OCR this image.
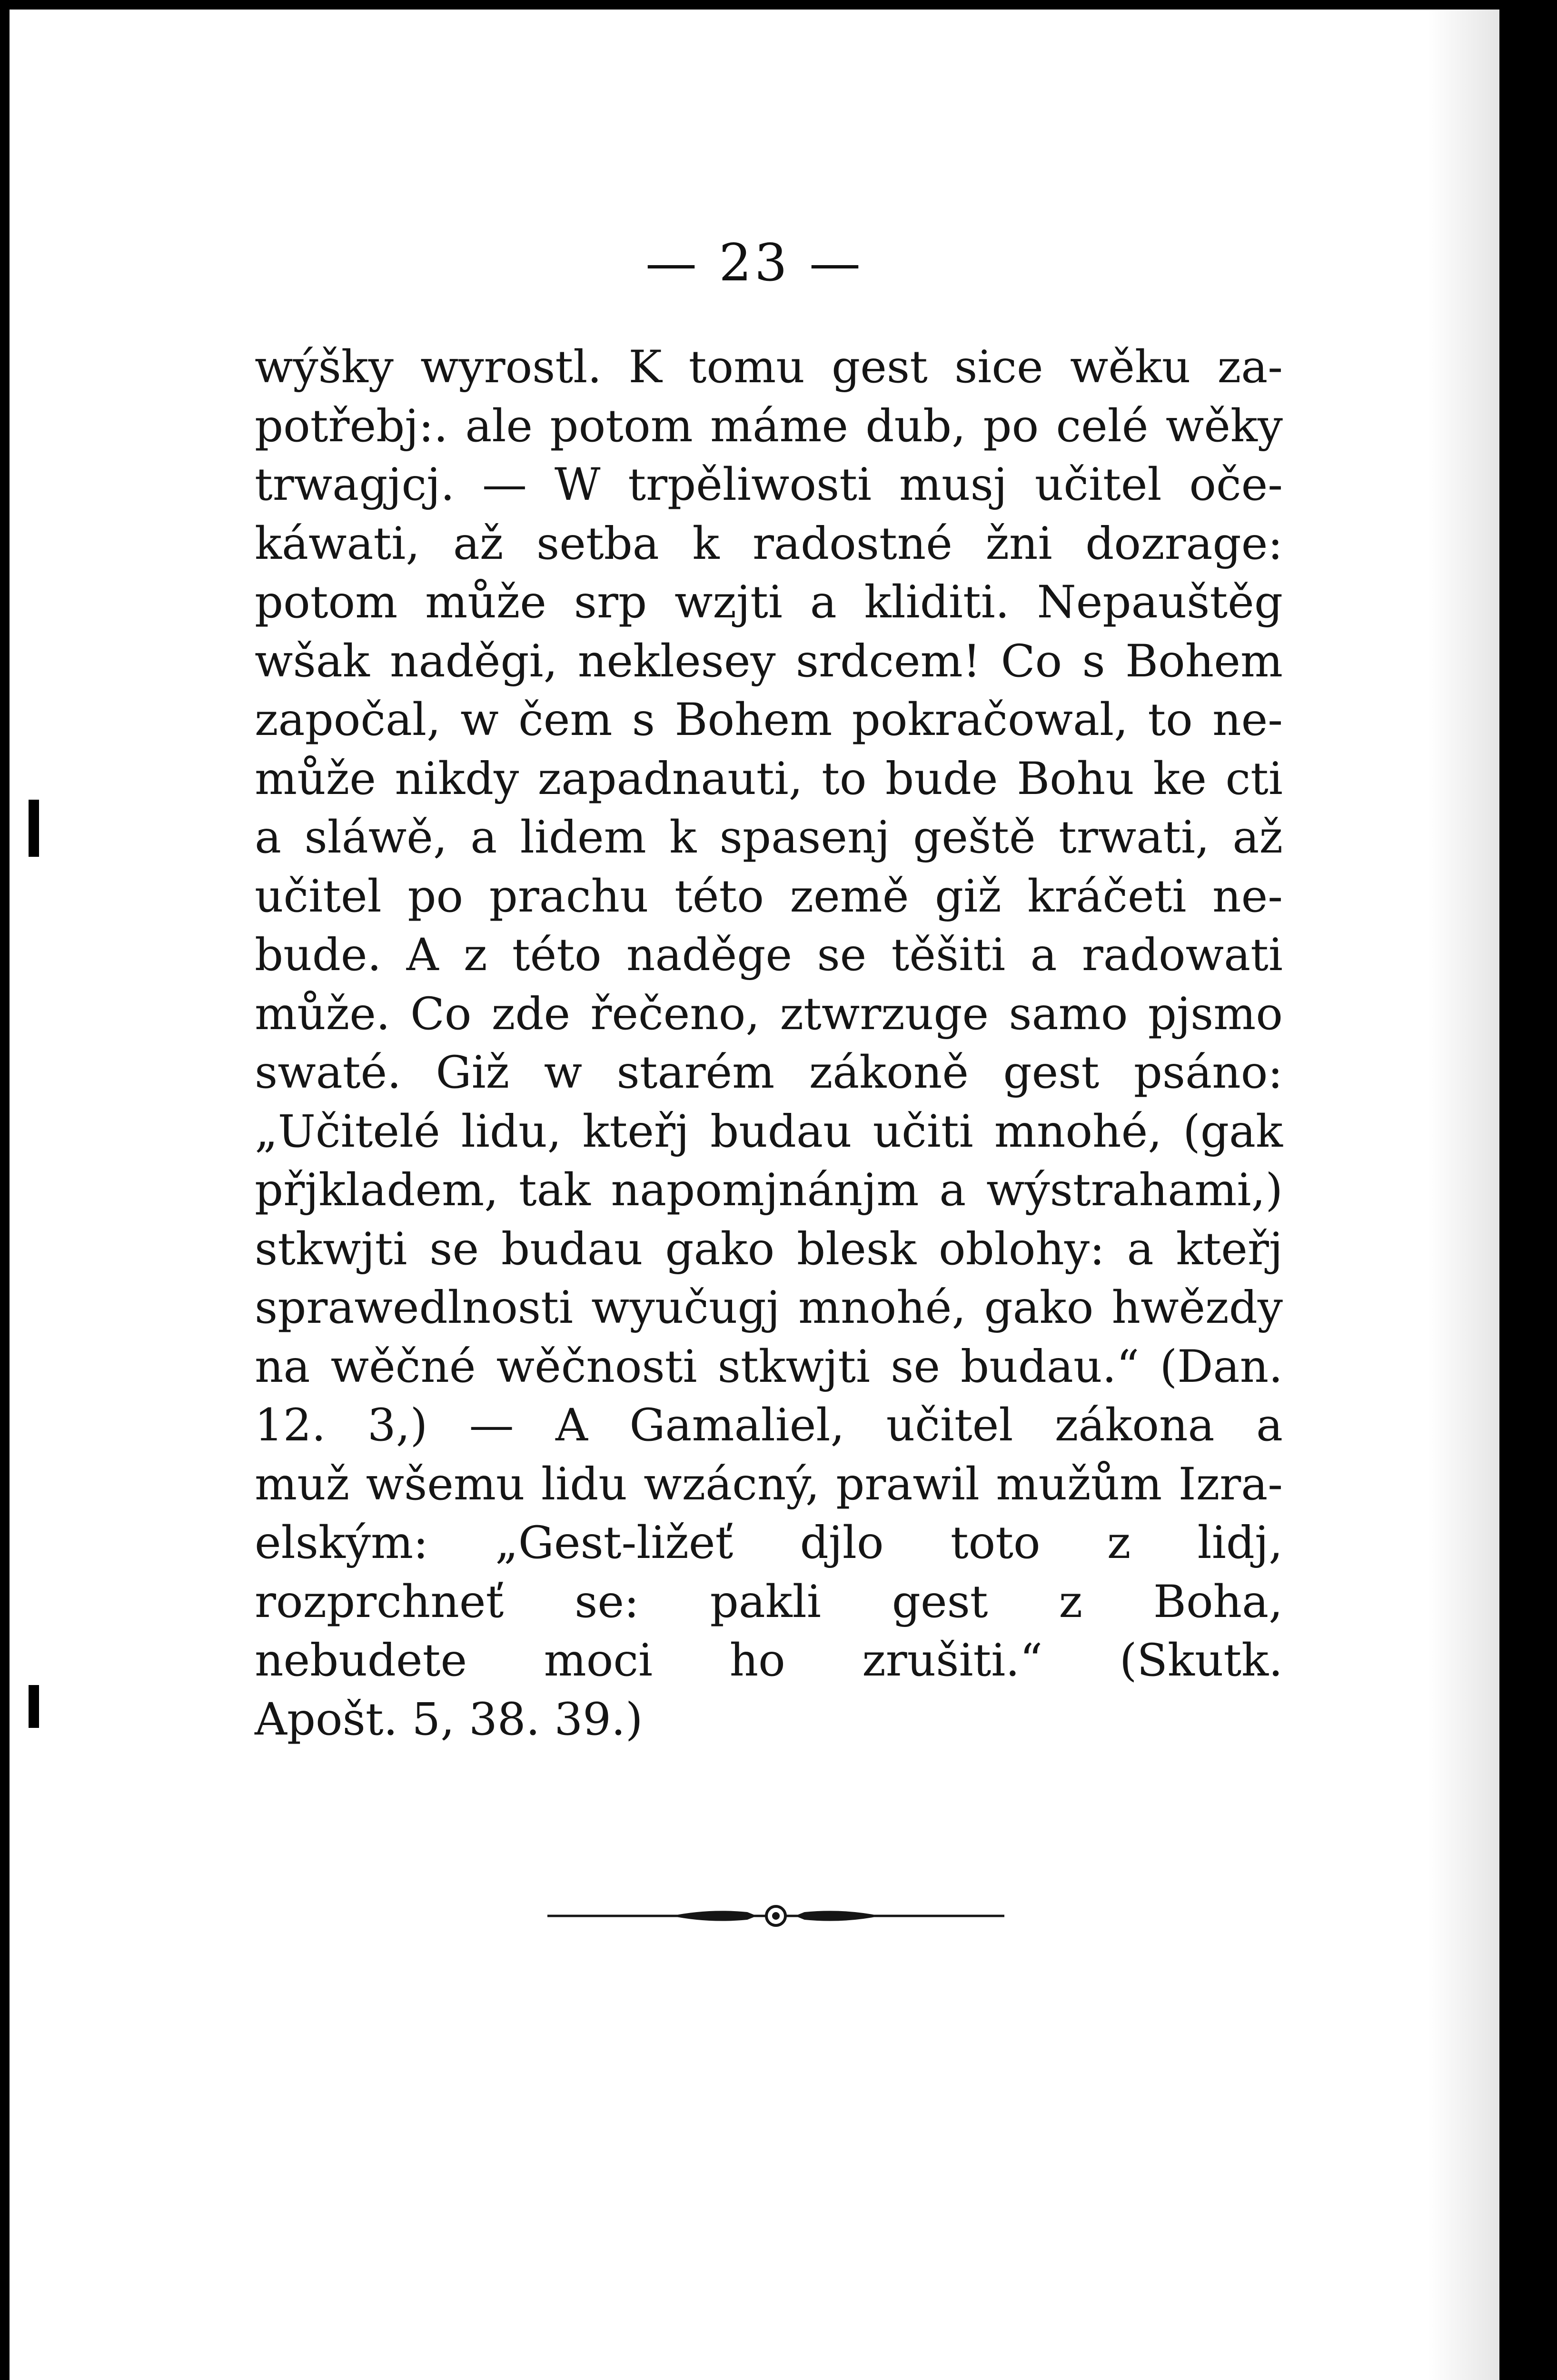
— 23 —
wýšky wyrostl. K tomu gest sice wěku za-
potřebj:. ale potom máme dub, po celé wěky
trwagjcj. — W trpěliwosti musj učitel oče-
káwati, až setba k radostné žni dozrage:
potom může srp wzjti a kliditi. Nepauštěg
wšak naděgi, neklesey srdcem! Co s Bohem
započal, w čem s Bohem pokračowal, to ne-
může nikdy zapadnauti, to bude Bohu ke cti
a sláwě, a lidem k spasenj geště trwati, až
učitel po prachu této země giž kráčeti ne-
bude. A z této naděge se těšiti a radowati
může. Co zde řečeno, ztwrzuge samo pjsmo
swaté. Giž w starém zákoně gest psáno:
„Učitelé lidu, kteřj budau učiti mnohé, (gak
přjkladem, tak napomjnánjm a wýstrahami,)
stkwjti se budau gako blesk oblohy: a kteřj
sprawedlnosti wyučugj mnohé, gako hwězdy
na wěčné wěčnosti stkwjti se budau.“ (Dan.
12. 3,) — A Gamaliel, učitel zákona a
muž wšemu lidu wzácný, prawil mužům Izra-
elským: „Gest-ližeť djlo toto z lidj,
rozprchneť se: pakli gest z Boha,
nebudete moci ho zrušiti.“ (Skutk.
Apošt. 5, 38. 39.)
